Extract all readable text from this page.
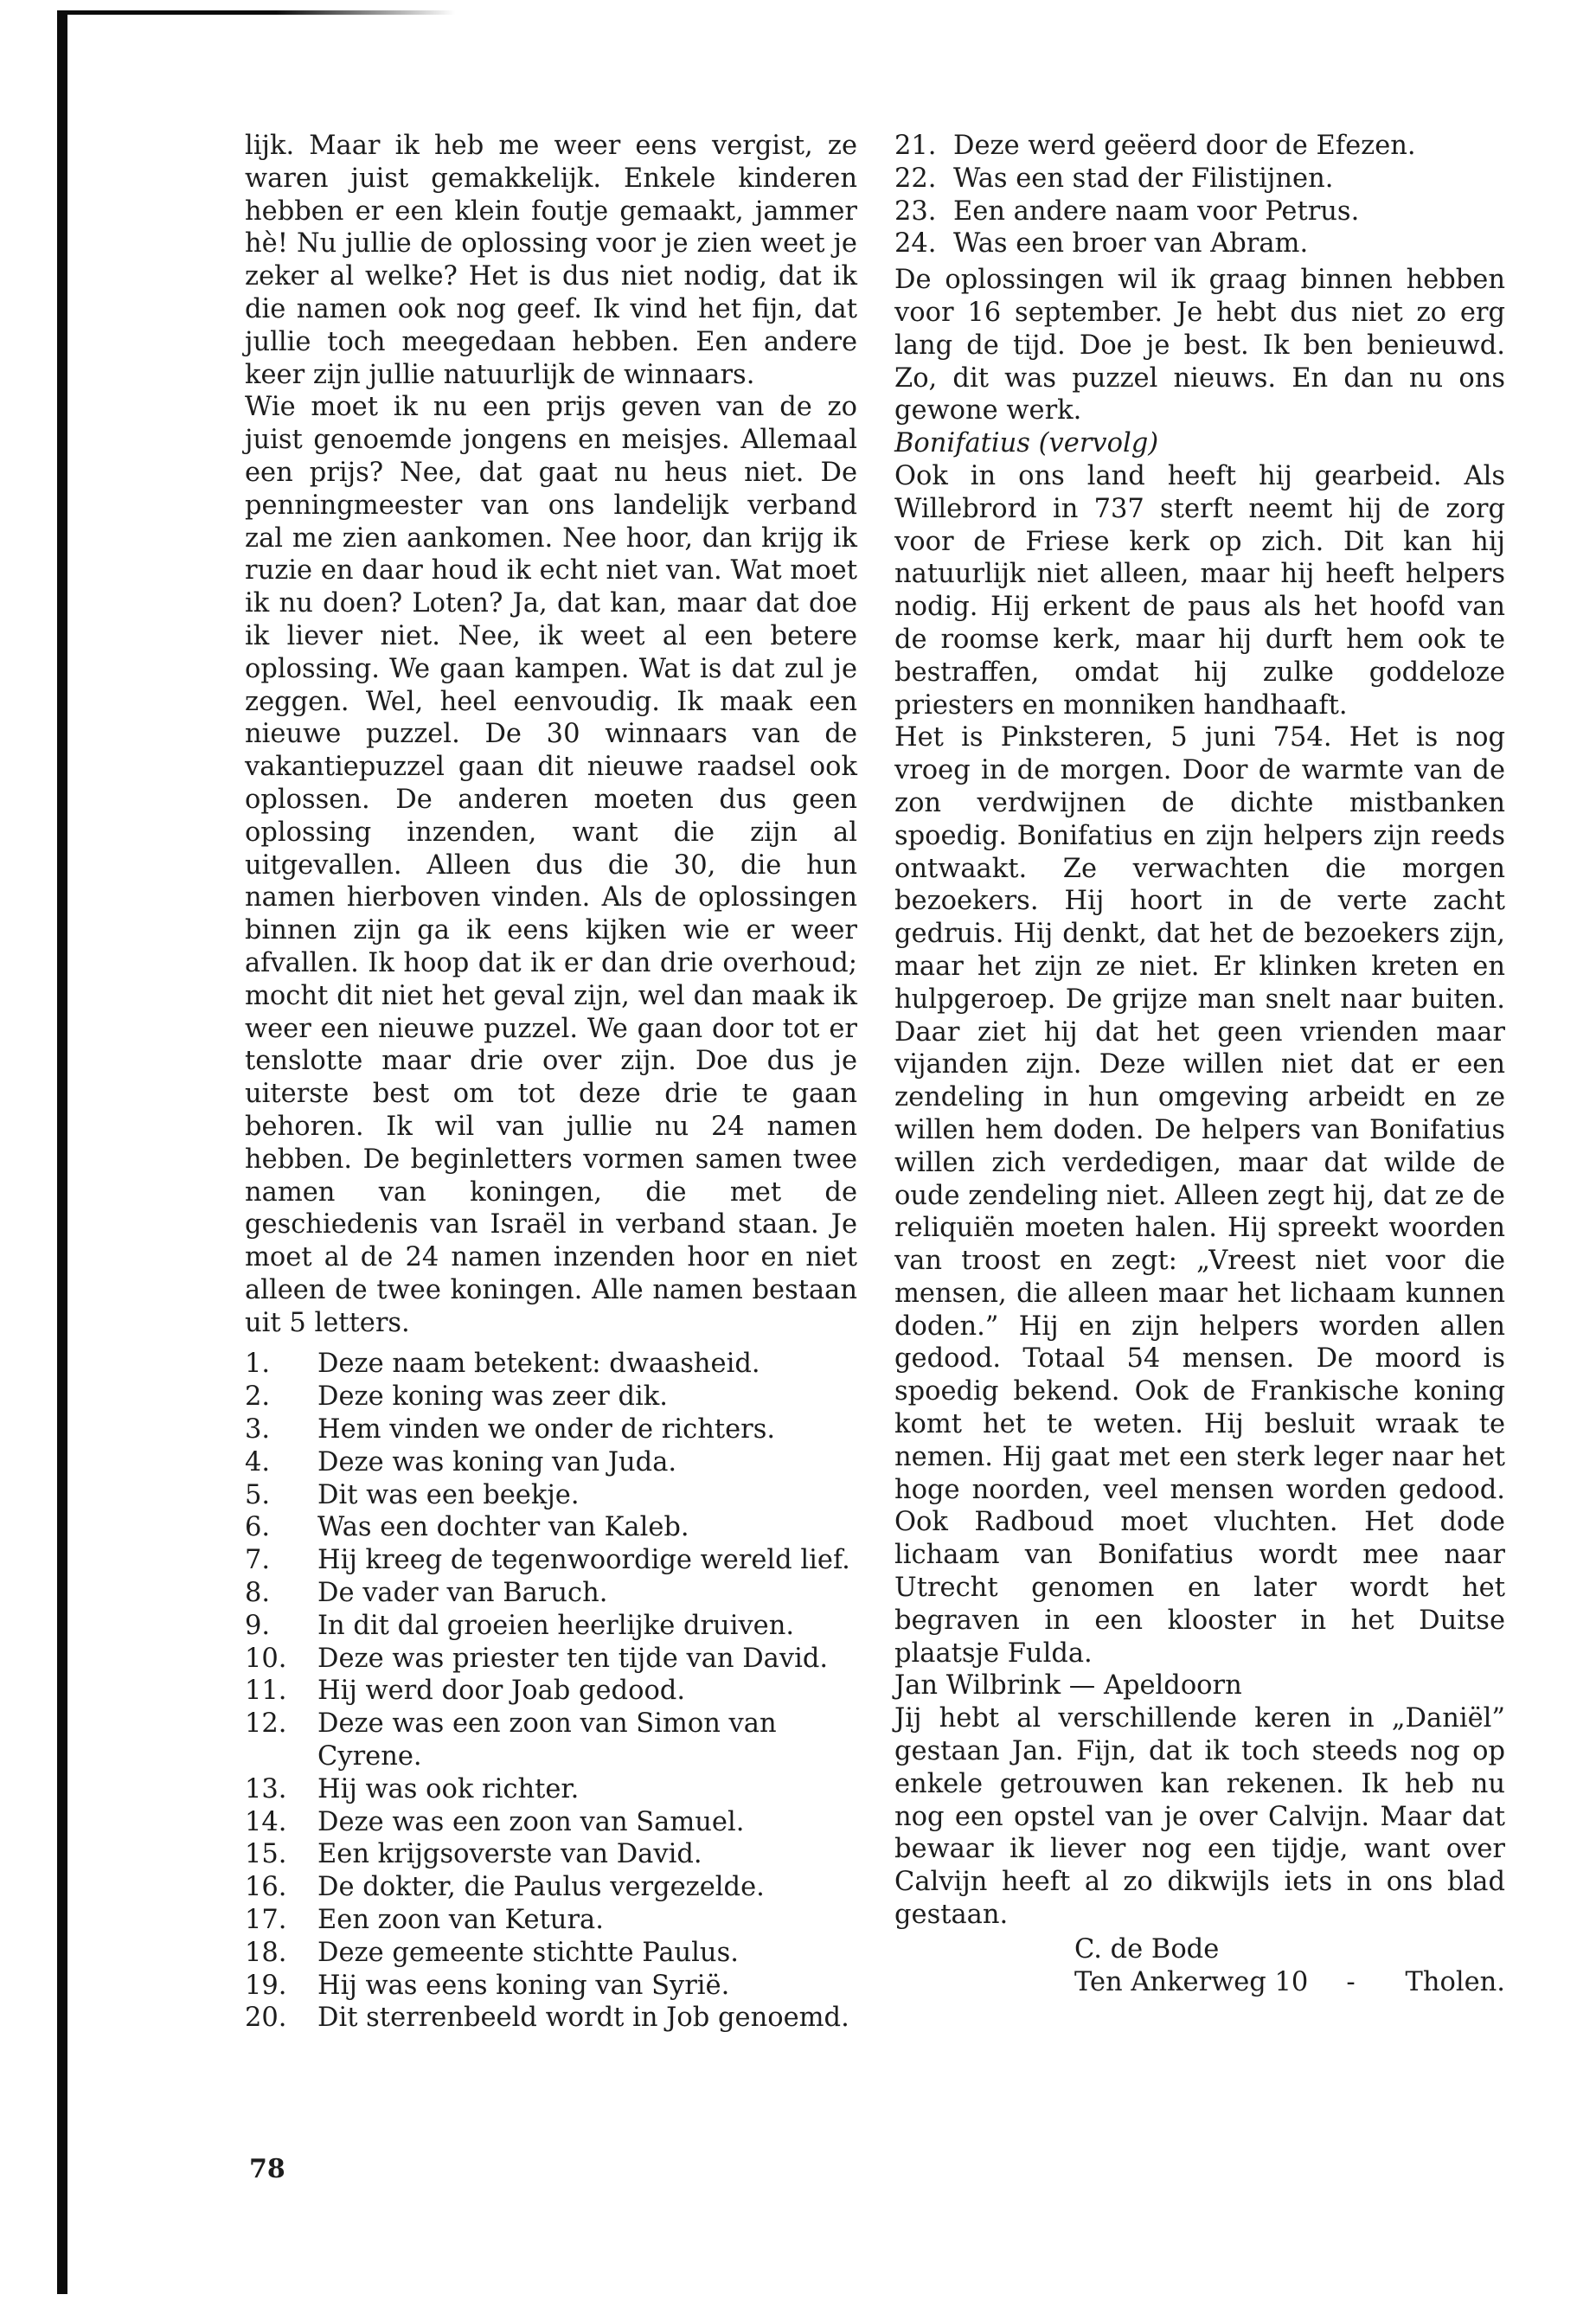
lijk. Maar ik heb me weer eens vergist, ze waren juist gemakkelijk. Enkele kinderen hebben er een klein foutje gemaakt, jammer hè! Nu jullie de oplossing voor je zien weet je zeker al welke? Het is dus niet nodig, dat ik die namen ook nog geef. Ik vind het fijn, dat jullie toch meegedaan hebben. Een andere keer zijn jullie natuurlijk de winnaars.

Wie moet ik nu een prijs geven van de zo juist genoemde jongens en meisjes. Allemaal een prijs? Nee, dat gaat nu heus niet. De penningmeester van ons landelijk verband zal me zien aankomen. Nee hoor, dan krijg ik ruzie en daar houd ik echt niet van. Wat moet ik nu doen? Loten? Ja, dat kan, maar dat doe ik liever niet. Nee, ik weet al een betere oplossing. We gaan kampen. Wat is dat zul je zeggen. Wel, heel eenvoudig. Ik maak een nieuwe puzzel. De 30 winnaars van de vakantiepuzzel gaan dit nieuwe raadsel ook oplossen. De anderen moeten dus geen oplossing inzenden, want die zijn al uitgevallen. Alleen dus die 30, die hun namen hierboven vinden. Als de oplossingen binnen zijn ga ik eens kijken wie er weer afvallen. Ik hoop dat ik er dan drie overhoud; mocht dit niet het geval zijn, wel dan maak ik weer een nieuwe puzzel. We gaan door tot er tenslotte maar drie over zijn. Doe dus je uiterste best om tot deze drie te gaan behoren. Ik wil van jullie nu 24 namen hebben. De beginletters vormen samen twee namen van koningen, die met de geschiedenis van Israël in verband staan. Je moet al de 24 namen inzenden hoor en niet alleen de twee koningen. Alle namen bestaan uit 5 letters.

1.	Deze naam betekent: dwaasheid.
2.	Deze koning was zeer dik.
3.	Hem vinden we onder de richters.
4.	Deze was koning van Juda.
5.	Dit was een beekje.
6.	Was een dochter van Kaleb.
7.	Hij kreeg de tegenwoordige wereld lief.
8.	De vader van Baruch.
9.	In dit dal groeien heerlijke druiven.
10.	Deze was priester ten tijde van David.
11.	Hij werd door Joab gedood.
12.	Deze was een zoon van Simon van Cyrene.
13.	Hij was ook richter.
14.	Deze was een zoon van Samuel.
15.	Een krijgsoverste van David.
16.	De dokter, die Paulus vergezelde.
17.	Een zoon van Ketura.
18.	Deze gemeente stichtte Paulus.
19.	Hij was eens koning van Syrië.
20.	Dit sterrenbeeld wordt in Job genoemd.
21. Deze werd geëerd door de Efezen.
22. Was een stad der Filistijnen.
23. Een andere naam voor Petrus.
24. Was een broer van Abram.

De oplossingen wil ik graag binnen hebben voor 16 september. Je hebt dus niet zo erg lang de tijd. Doe je best. Ik ben benieuwd. Zo, dit was puzzel nieuws. En dan nu ons gewone werk.

Bonifatius (vervolg)

Ook in ons land heeft hij gearbeid. Als Willebrord in 737 sterft neemt hij de zorg voor de Friese kerk op zich. Dit kan hij natuurlijk niet alleen, maar hij heeft helpers nodig. Hij erkent de paus als het hoofd van de roomse kerk, maar hij durft hem ook te bestraffen, omdat hij zulke goddeloze priesters en monniken handhaaft.

Het is Pinksteren, 5 juni 754. Het is nog vroeg in de morgen. Door de warmte van de zon verdwijnen de dichte mistbanken spoedig. Bonifatius en zijn helpers zijn reeds ontwaakt. Ze verwachten die morgen bezoekers. Hij hoort in de verte zacht gedruis. Hij denkt, dat het de bezoekers zijn, maar het zijn ze niet. Er klinken kreten en hulpgeroep. De grijze man snelt naar buiten. Daar ziet hij dat het geen vrienden maar vijanden zijn. Deze willen niet dat er een zendeling in hun omgeving arbeidt en ze willen hem doden. De helpers van Bonifatius willen zich verdedigen, maar dat wilde de oude zendeling niet. Alleen zegt hij, dat ze de reliquiën moeten halen. Hij spreekt woorden van troost en zegt: „Vreest niet voor die mensen, die alleen maar het lichaam kunnen doden.” Hij en zijn helpers worden allen gedood. Totaal 54 mensen. De moord is spoedig bekend. Ook de Frankische koning komt het te weten. Hij besluit wraak te nemen. Hij gaat met een sterk leger naar het hoge noorden, veel mensen worden gedood. Ook Radboud moet vluchten. Het dode lichaam van Bonifatius wordt mee naar Utrecht genomen en later wordt het begraven in een klooster in het Duitse plaatsje Fulda.

Jan Wilbrink — Apeldoorn

Jij hebt al verschillende keren in „Daniël” gestaan Jan. Fijn, dat ik toch steeds nog op enkele getrouwen kan rekenen. Ik heb nu nog een opstel van je over Calvijn. Maar dat bewaar ik liever nog een tijdje, want over Calvijn heeft al zo dikwijls iets in ons blad gestaan.

C. de Bode
Ten Ankerweg 10 - Tholen.
78
